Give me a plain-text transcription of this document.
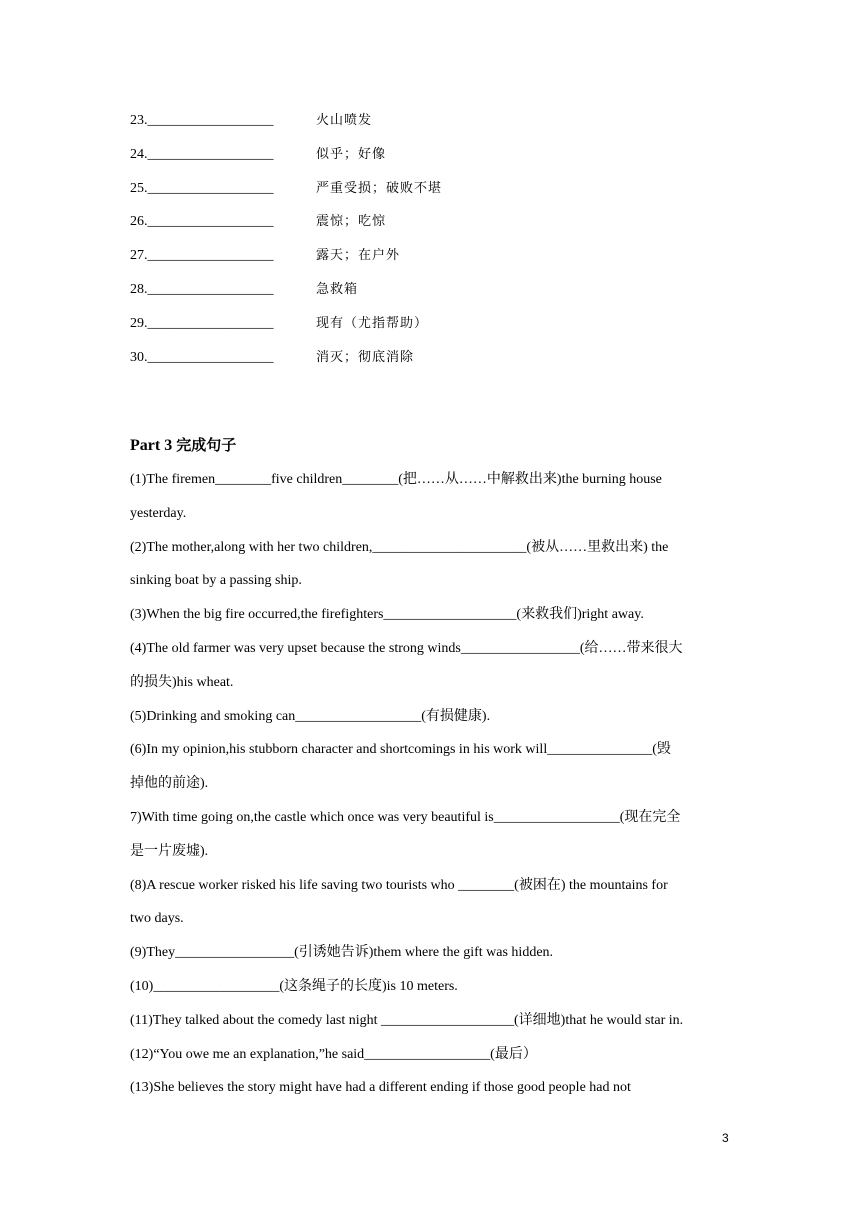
23.__________________	火山喷发
24.__________________	似乎；好像
25.__________________	严重受损；破败不堪
26.__________________	震惊；吃惊
27.__________________	露天；在户外
28.__________________	急救箱
29.__________________	现有（尤指帮助）
30.__________________	消灭；彻底消除
Part 3 完成句子
(1)The firemen________five children________(把……从……中解救出来)the burning house
yesterday.
(2)The mother,along with her two children,______________________(被从……里救出来) the
sinking boat by a passing ship.
(3)When the big fire occurred,the firefighters___________________(来救我们)right away.
(4)The old farmer was very upset because the strong winds_________________(给……带来很大
的损失)his wheat.
(5)Drinking and smoking can__________________(有损健康).
(6)In my opinion,his stubborn character and shortcomings in his work will_______________(毁
掉他的前途).
7)With time going on,the castle which once was very beautiful is__________________(现在完全
是一片废墟).
(8)A rescue worker risked his life saving two tourists who ________(被困在) the mountains for
two days.
(9)They_________________(引诱她告诉)them where the gift was hidden.
(10)__________________(这条绳子的长度)is 10 meters.
(11)They talked about the comedy last night ___________________(详细地)that he would star in.
(12)“You owe me an explanation,”he said__________________(最后）
(13)She believes the story might have had a different ending if those good people had not
3
